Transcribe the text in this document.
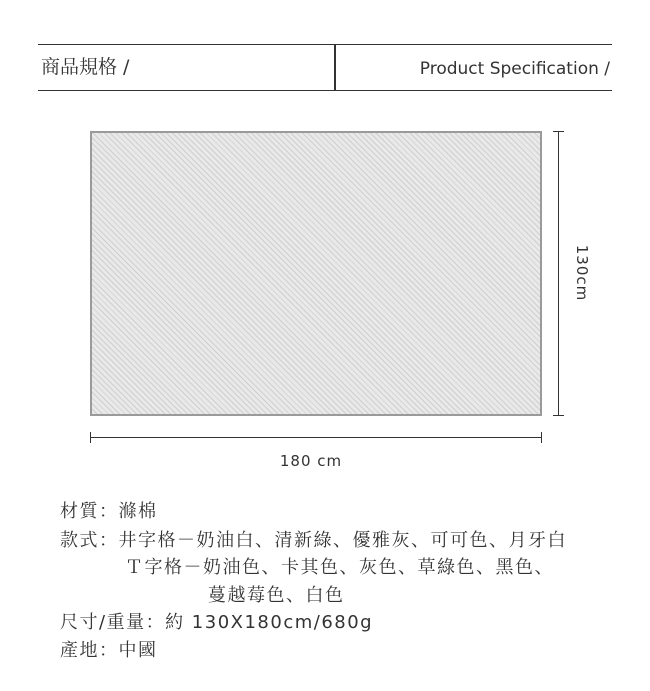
商品規格 /	Product Specification /
130cm
180 cm
材質：滌棉
款式：井字格－奶油白、清新綠、優雅灰、可可色、月牙白
Ｔ字格－奶油色、卡其色、灰色、草綠色、黑色、
蔓越莓色、白色
尺寸/重量：約 130X180cm/680g
產地：中國
